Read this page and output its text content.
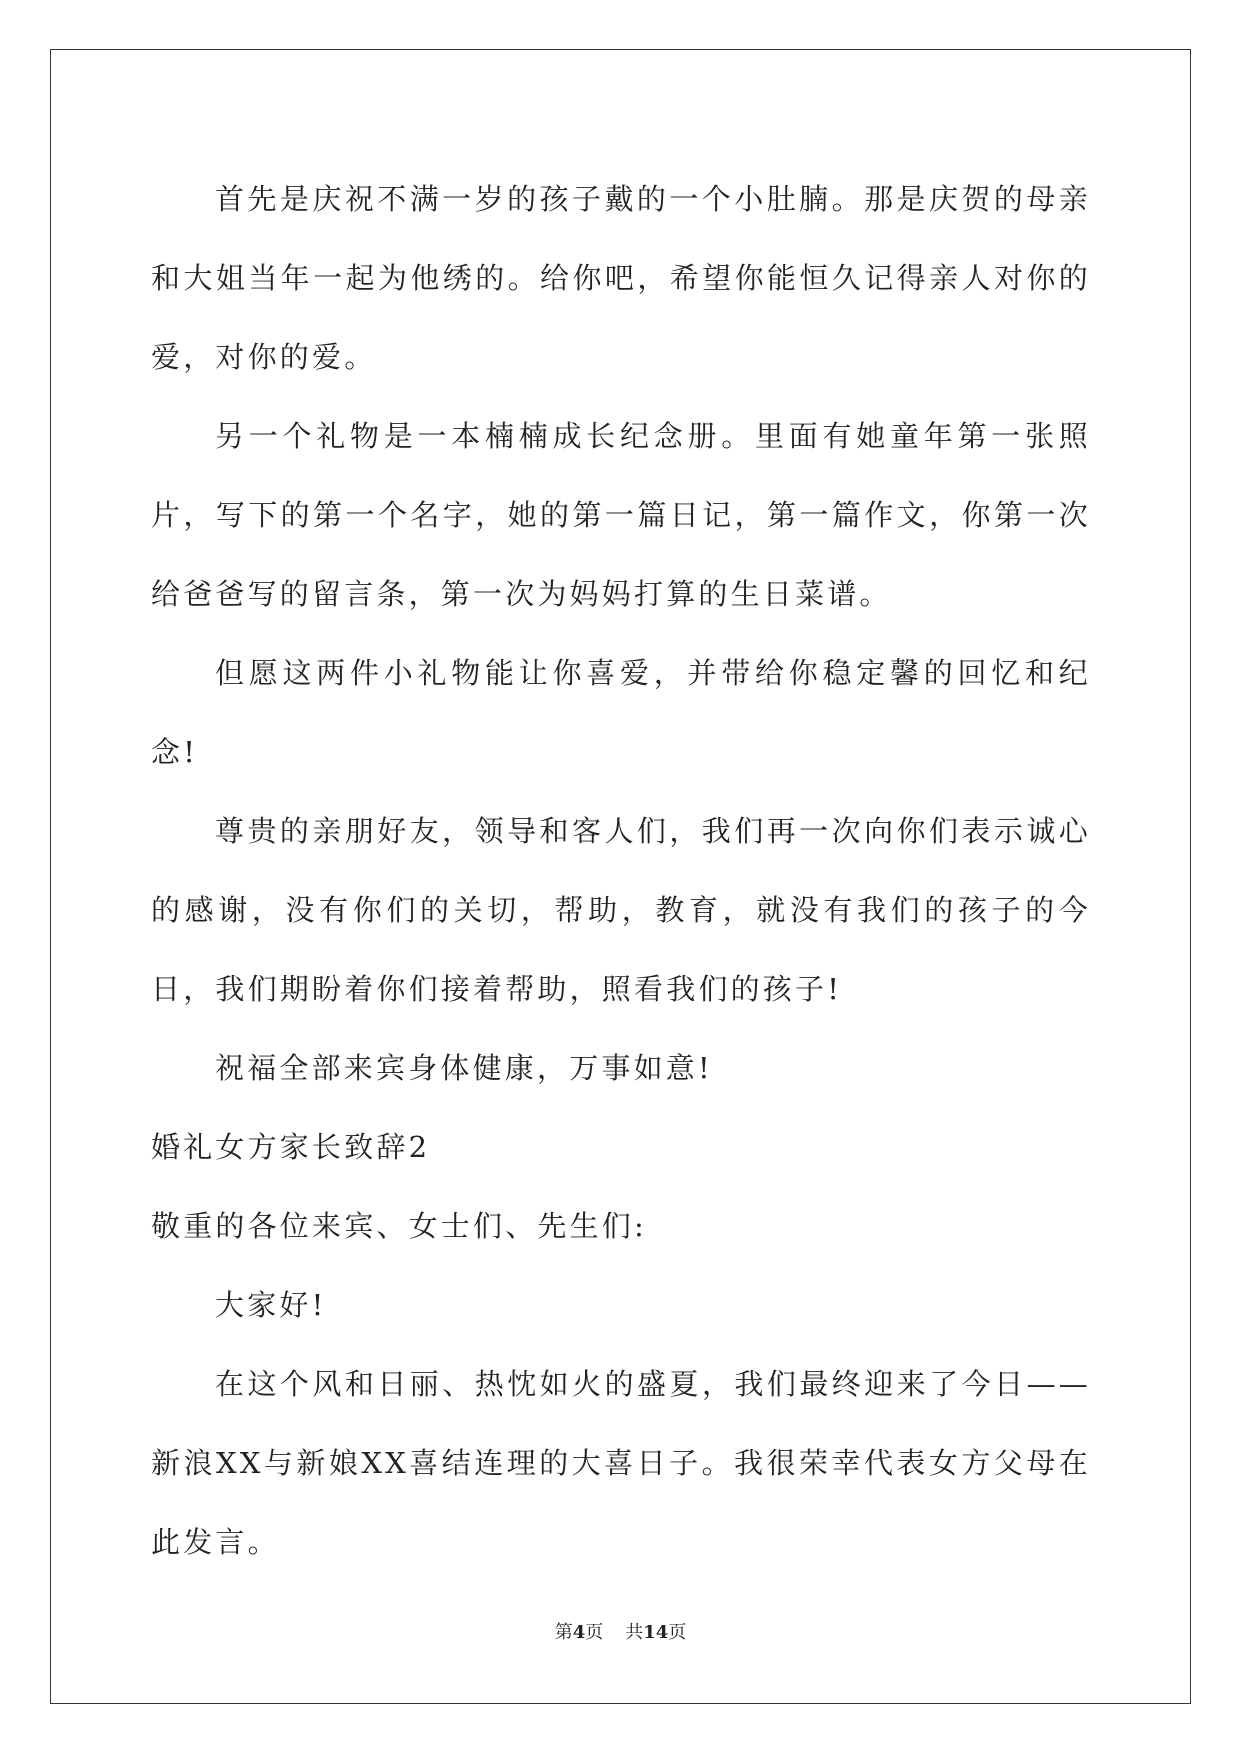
首先是庆祝不满一岁的孩子戴的一个小肚腩。那是庆贺的母亲和大姐当年一起为他绣的。给你吧，希望你能恒久记得亲人对你的爱，对你的爱。

另一个礼物是一本楠楠成长纪念册。里面有她童年第一张照片，写下的第一个名字，她的第一篇日记，第一篇作文，你第一次给爸爸写的留言条，第一次为妈妈打算的生日菜谱。

但愿这两件小礼物能让你喜爱，并带给你稳定馨的回忆和纪念!

尊贵的亲朋好友，领导和客人们，我们再一次向你们表示诚心的感谢，没有你们的关切，帮助，教育，就没有我们的孩子的今日，我们期盼着你们接着帮助，照看我们的孩子!

祝福全部来宾身体健康，万事如意!

婚礼女方家长致辞2

敬重的各位来宾、女士们、先生们:

大家好!

在这个风和日丽、热忱如火的盛夏，我们最终迎来了今日——新浪XX与新娘XX喜结连理的大喜日子。我很荣幸代表女方父母在此发言。

第4页 共14页
